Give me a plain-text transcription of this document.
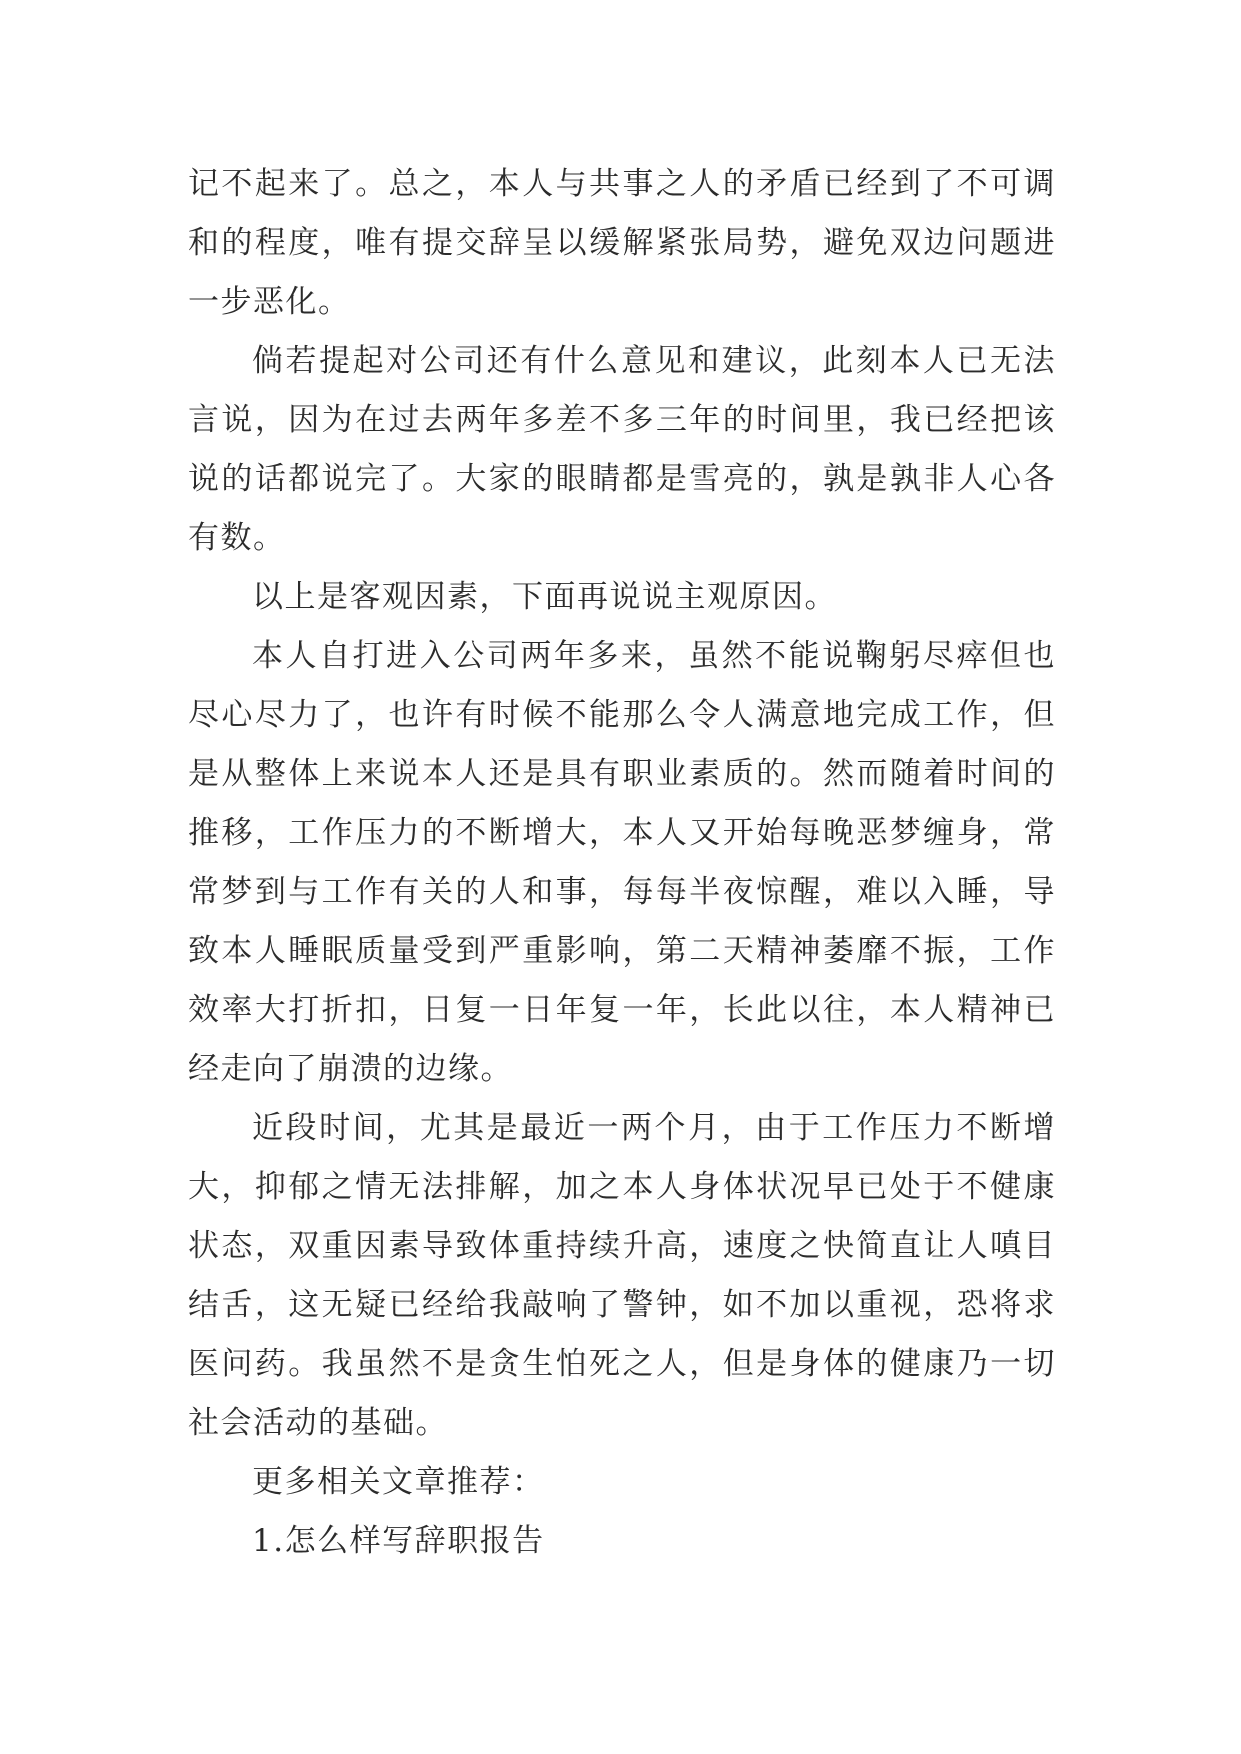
记不起来了。总之，本人与共事之人的矛盾已经到了不可调和的程度，唯有提交辞呈以缓解紧张局势，避免双边问题进一步恶化。

倘若提起对公司还有什么意见和建议，此刻本人已无法言说，因为在过去两年多差不多三年的时间里，我已经把该说的话都说完了。大家的眼睛都是雪亮的，孰是孰非人心各有数。

以上是客观因素，下面再说说主观原因。

本人自打进入公司两年多来，虽然不能说鞠躬尽瘁但也尽心尽力了，也许有时候不能那么令人满意地完成工作，但是从整体上来说本人还是具有职业素质的。然而随着时间的推移，工作压力的不断增大，本人又开始每晚恶梦缠身，常常梦到与工作有关的人和事，每每半夜惊醒，难以入睡，导致本人睡眠质量受到严重影响，第二天精神萎靡不振，工作效率大打折扣，日复一日年复一年，长此以往，本人精神已经走向了崩溃的边缘。

近段时间，尤其是最近一两个月，由于工作压力不断增大，抑郁之情无法排解，加之本人身体状况早已处于不健康状态，双重因素导致体重持续升高，速度之快简直让人嗔目结舌，这无疑已经给我敲响了警钟，如不加以重视，恐将求医问药。我虽然不是贪生怕死之人，但是身体的健康乃一切社会活动的基础。

更多相关文章推荐：

1.怎么样写辞职报告
